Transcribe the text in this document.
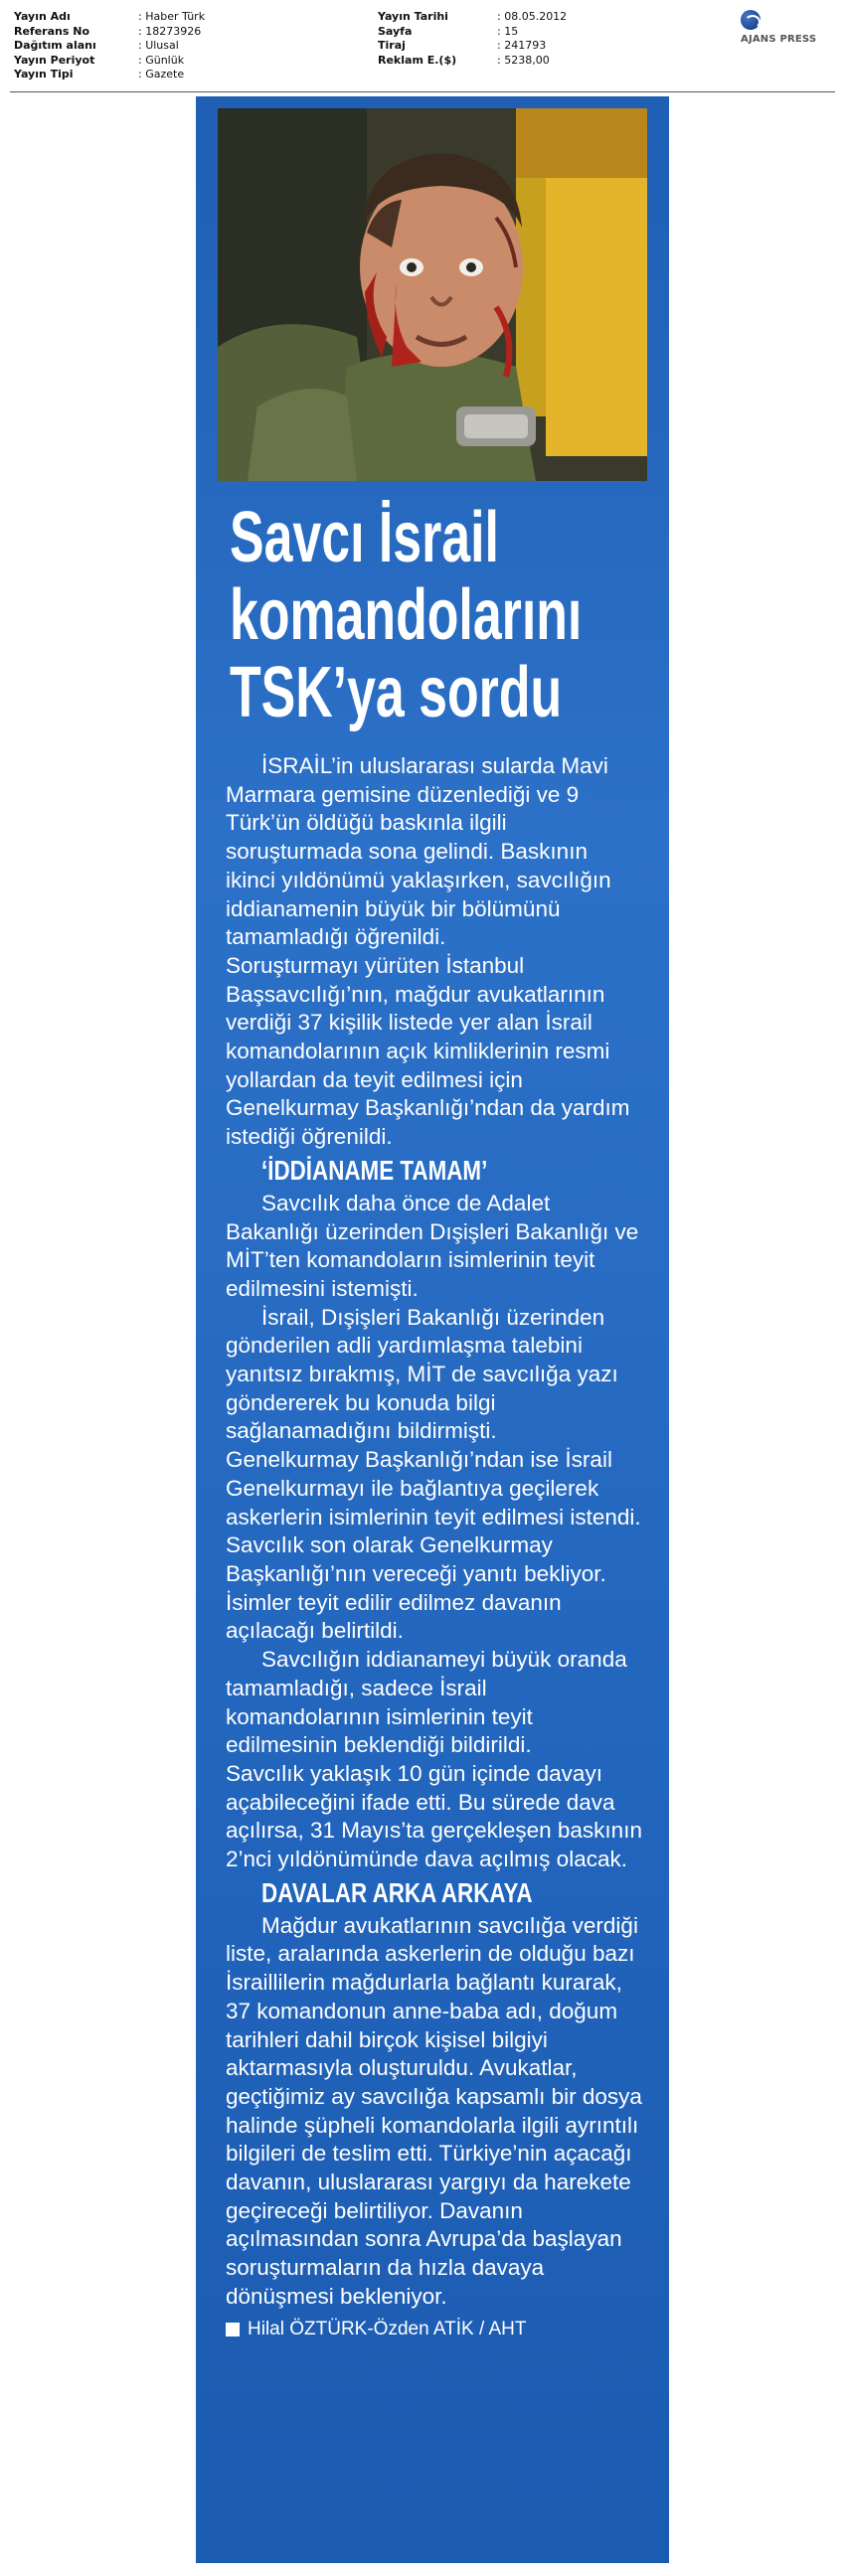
Yayın Adı	: Haber Türk
Referans No	: 18273926
Dağıtım alanı	: Ulusal
Yayın Periyot	: Günlük
Yayın Tipi	: Gazete
Yayın Tarihi	: 08.05.2012
Sayfa	: 15
Tiraj	: 241793
Reklam E.($)	: 5238,00
AJANS PRESS
Savcı İsrail
komandolarını
TSK’ya sordu

İSRAİL’in uluslararası sularda Mavi Marmara gemisine düzenlediği ve 9 Türk’ün öldüğü baskınla ilgili soruşturmada sona gelindi. Baskının ikinci yıldönümü yaklaşırken, savcılığın iddianamenin büyük bir bölümünü tamamladığı öğrenildi.

Soruşturmayı yürüten İstanbul Başsavcılığı’nın, mağdur avukatlarının verdiği 37 kişilik listede yer alan İsrail komandolarının açık kimliklerinin resmi yollardan da teyit edilmesi için Genelkurmay Başkanlığı’ndan da yardım istediği öğrenildi.

‘İDDİANAME TAMAM’

Savcılık daha önce de Adalet Bakanlığı üzerinden Dışişleri Bakanlığı ve MİT’ten komandoların isimlerinin teyit edilmesini istemişti.

İsrail, Dışişleri Bakanlığı üzerinden gönderilen adli yardımlaşma talebini yanıtsız bırakmış, MİT de savcılığa yazı göndererek bu konuda bilgi sağlanamadığını bildirmişti.

Genelkurmay Başkanlığı’ndan ise İsrail Genelkurmayı ile bağlantıya geçilerek askerlerin isimlerinin teyit edilmesi istendi. Savcılık son olarak Genelkurmay Başkanlığı’nın vereceği yanıtı bekliyor. İsimler teyit edilir edilmez davanın açılacağı belirtildi.

Savcılığın iddianameyi büyük oranda tamamladığı, sadece İsrail komandolarının isimlerinin teyit edilmesinin beklendiği bildirildi.

Savcılık yaklaşık 10 gün içinde davayı açabileceğini ifade etti. Bu sürede dava açılırsa, 31 Mayıs’ta gerçekleşen baskının 2’nci yıldönümünde dava açılmış olacak.

DAVALAR ARKA ARKAYA

Mağdur avukatlarının savcılığa verdiği liste, aralarında askerlerin de olduğu bazı İsraillilerin mağdurlarla bağlantı kurarak, 37 komandonun anne-baba adı, doğum tarihleri dahil birçok kişisel bilgiyi aktarmasıyla oluşturuldu. Avukatlar, geçtiğimiz ay savcılığa kapsamlı bir dosya halinde şüpheli komandolarla ilgili ayrıntılı bilgileri de teslim etti. Türkiye’nin açacağı davanın, uluslararası yargıyı da harekete geçireceği belirtiliyor. Davanın açılmasından sonra Avrupa’da başlayan soruşturmaların da hızla davaya dönüşmesi bekleniyor.

Hilal ÖZTÜRK-Özden ATİK / AHT
